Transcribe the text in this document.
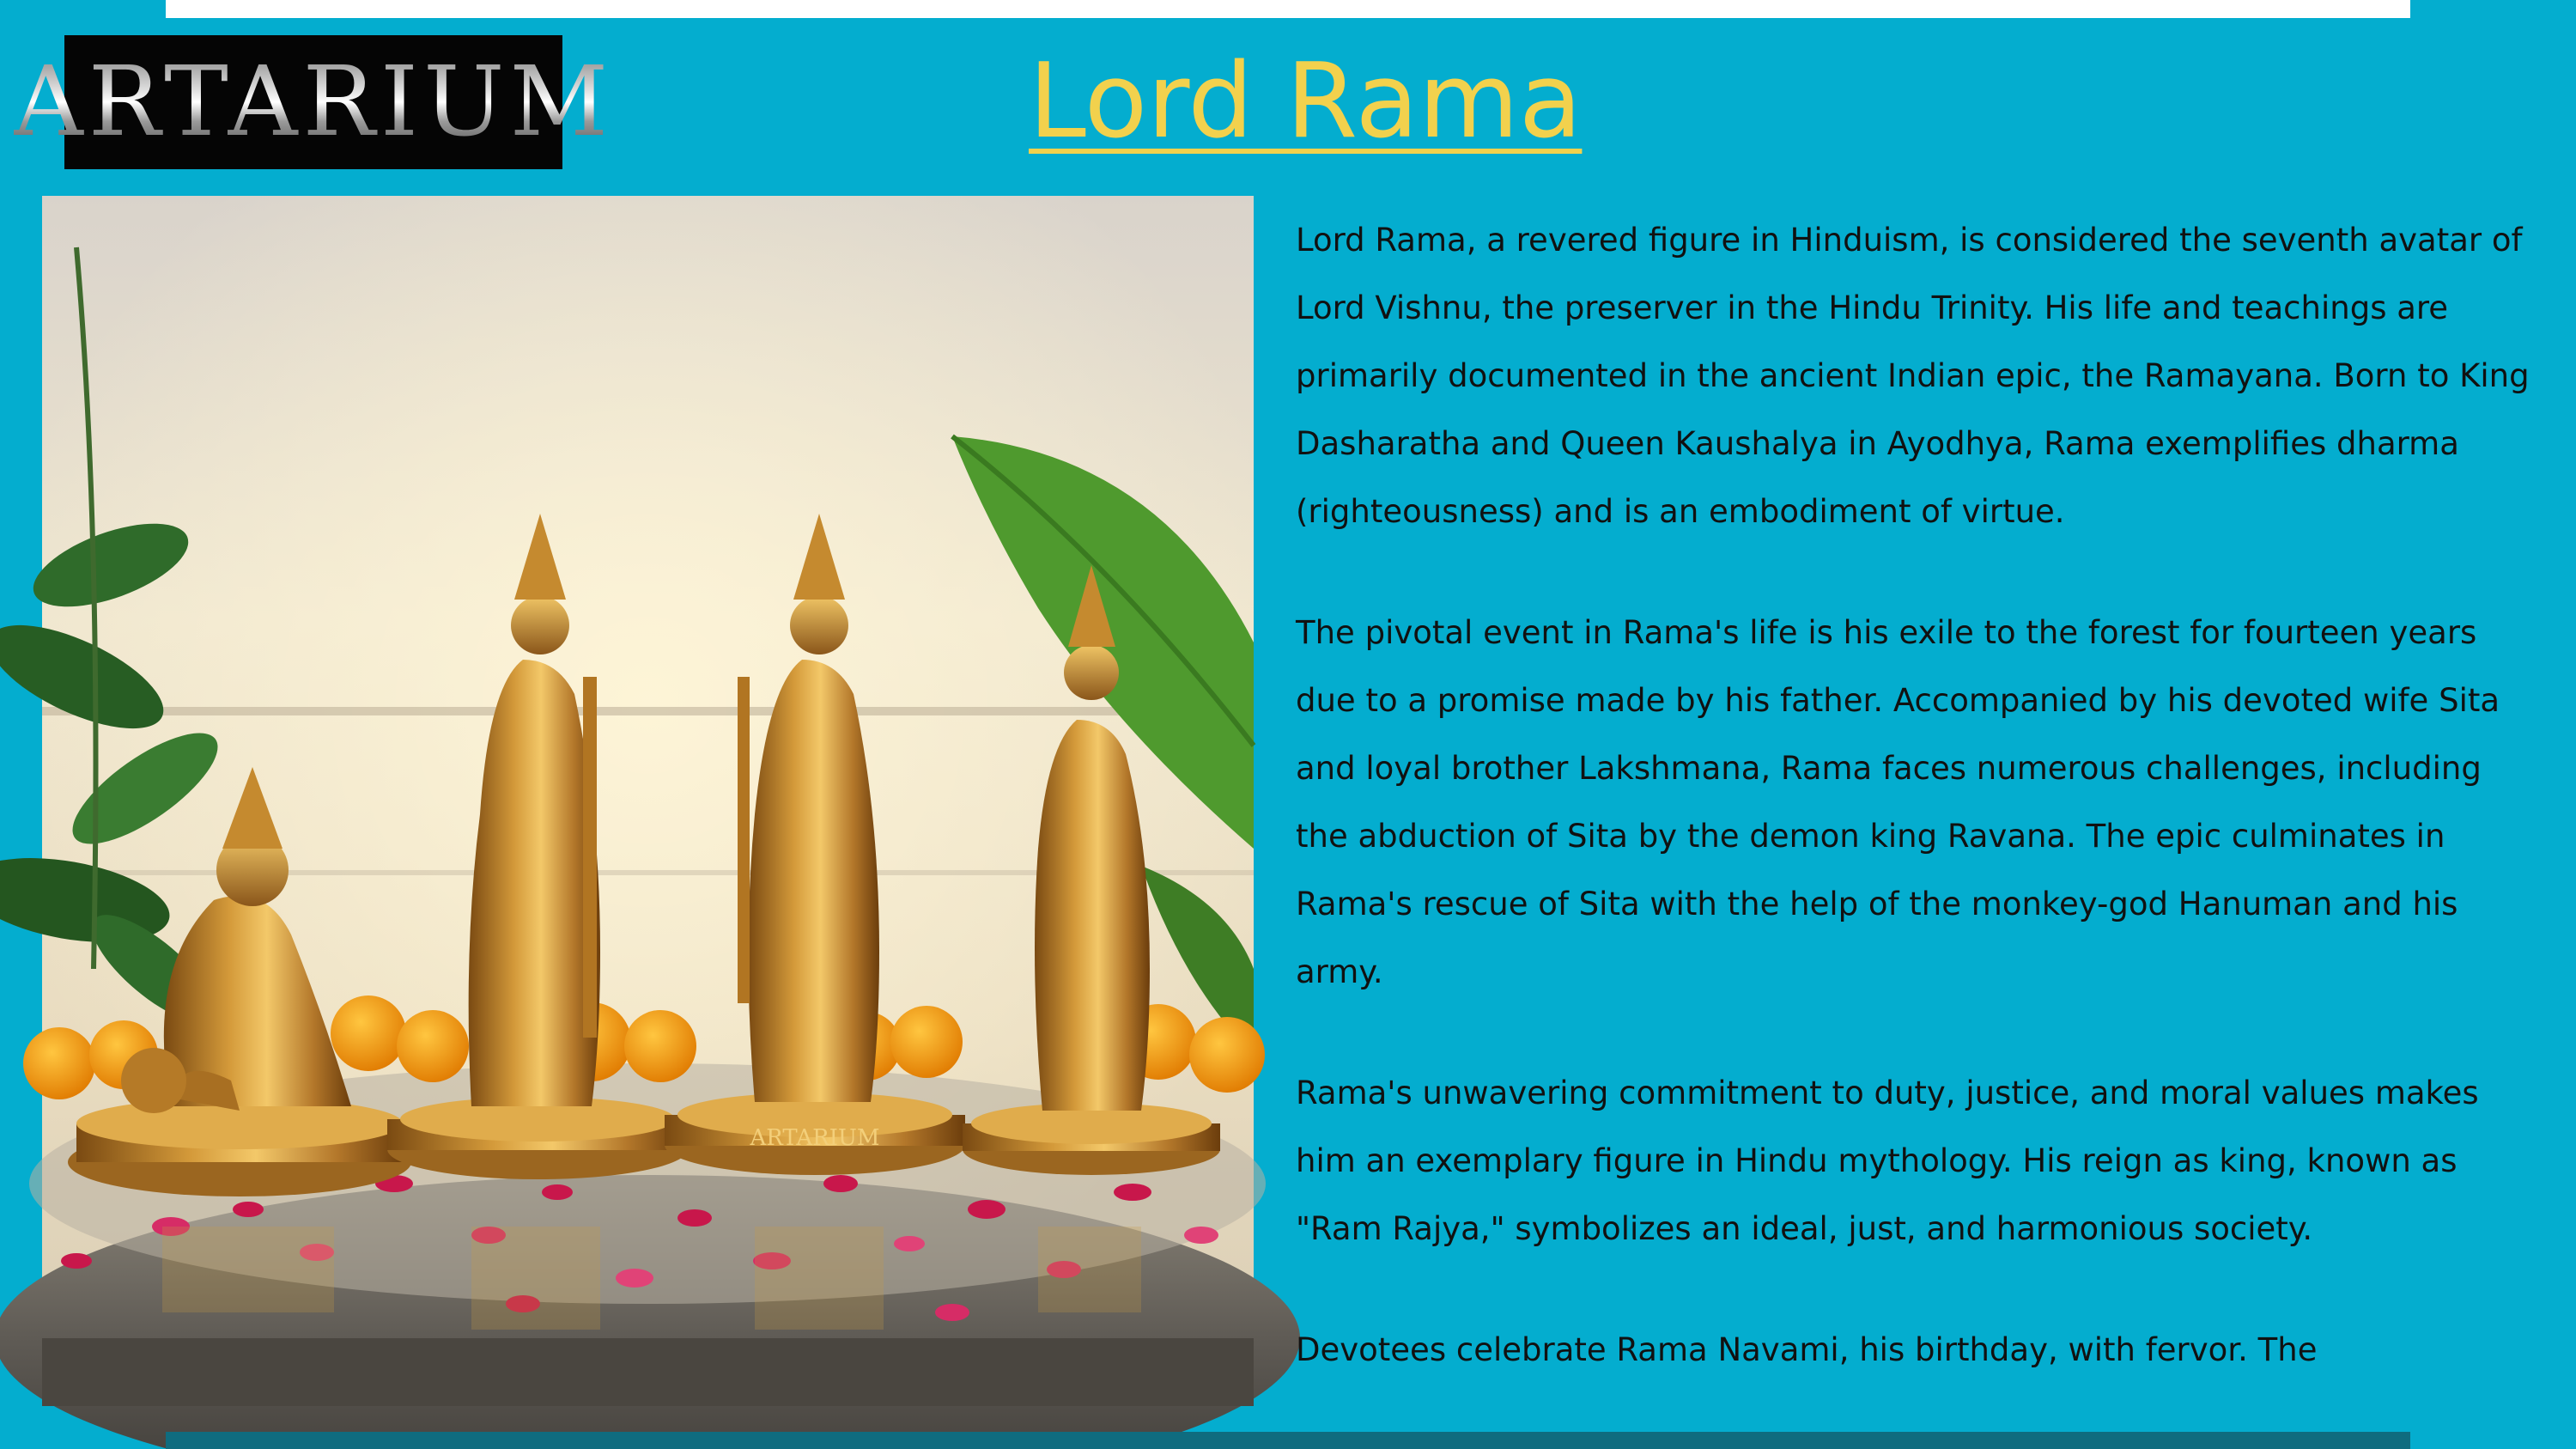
ARTARIUM	Lord Rama
ARTARIUM

Lord Rama, a revered figure in Hinduism, is considered the seventh avatar of Lord Vishnu, the preserver in the Hindu Trinity. His life and teachings are primarily documented in the ancient Indian epic, the Ramayana. Born to King Dasharatha and Queen Kaushalya in Ayodhya, Rama exemplifies dharma (righteousness) and is an embodiment of virtue.

The pivotal event in Rama's life is his exile to the forest for fourteen years due to a promise made by his father. Accompanied by his devoted wife Sita and loyal brother Lakshmana, Rama faces numerous challenges, including the abduction of Sita by the demon king Ravana. The epic culminates in Rama's rescue of Sita with the help of the monkey-god Hanuman and his army.

Rama's unwavering commitment to duty, justice, and moral values makes him an exemplary figure in Hindu mythology. His reign as king, known as "Ram Rajya," symbolizes an ideal, just, and harmonious society.

Devotees celebrate Rama Navami, his birthday, with fervor. The
